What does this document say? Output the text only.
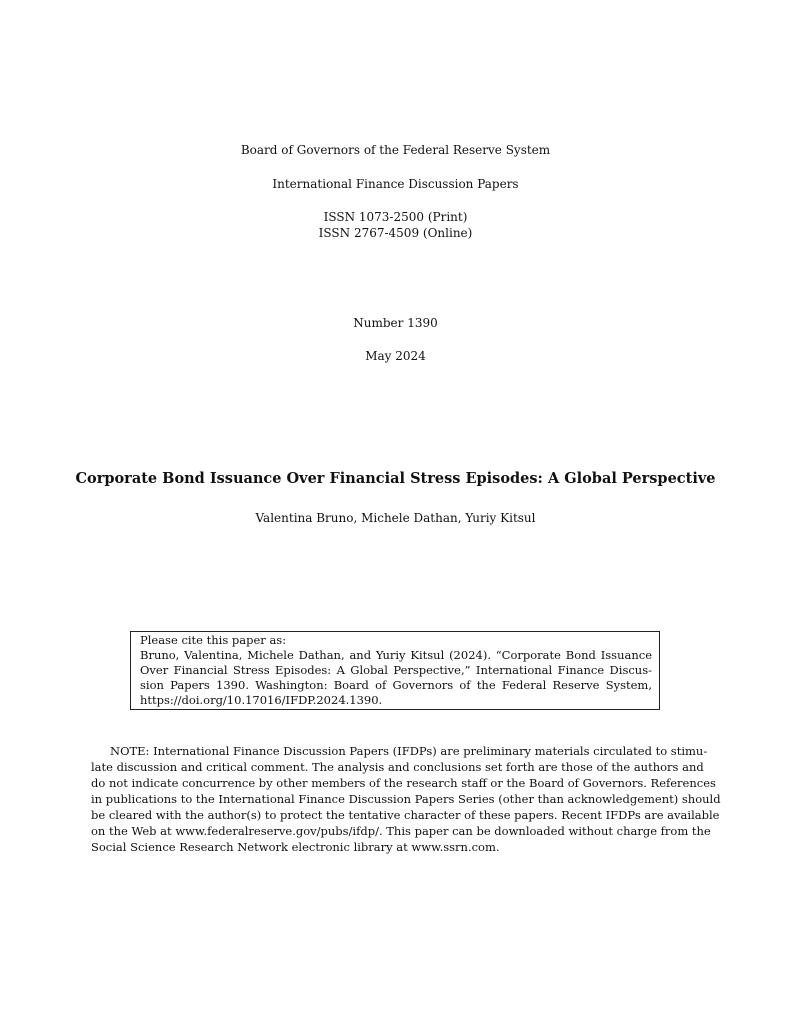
Board of Governors of the Federal Reserve System
International Finance Discussion Papers
ISSN 1073-2500 (Print)
ISSN 2767-4509 (Online)
Number 1390
May 2024
Corporate Bond Issuance Over Financial Stress Episodes: A Global Perspective
Valentina Bruno, Michele Dathan, Yuriy Kitsul
Please cite this paper as:
Bruno, Valentina, Michele Dathan, and Yuriy Kitsul (2024). “Corporate Bond Issuance
Over Financial Stress Episodes: A Global Perspective,” International Finance Discus-
sion Papers 1390. Washington: Board of Governors of the Federal Reserve System,
https://doi.org/10.17016/IFDP.2024.1390.
NOTE: International Finance Discussion Papers (IFDPs) are preliminary materials circulated to stimu-
late discussion and critical comment. The analysis and conclusions set forth are those of the authors and
do not indicate concurrence by other members of the research staff or the Board of Governors. References
in publications to the International Finance Discussion Papers Series (other than acknowledgement) should
be cleared with the author(s) to protect the tentative character of these papers. Recent IFDPs are available
on the Web at www.federalreserve.gov/pubs/ifdp/. This paper can be downloaded without charge from the
Social Science Research Network electronic library at www.ssrn.com.
